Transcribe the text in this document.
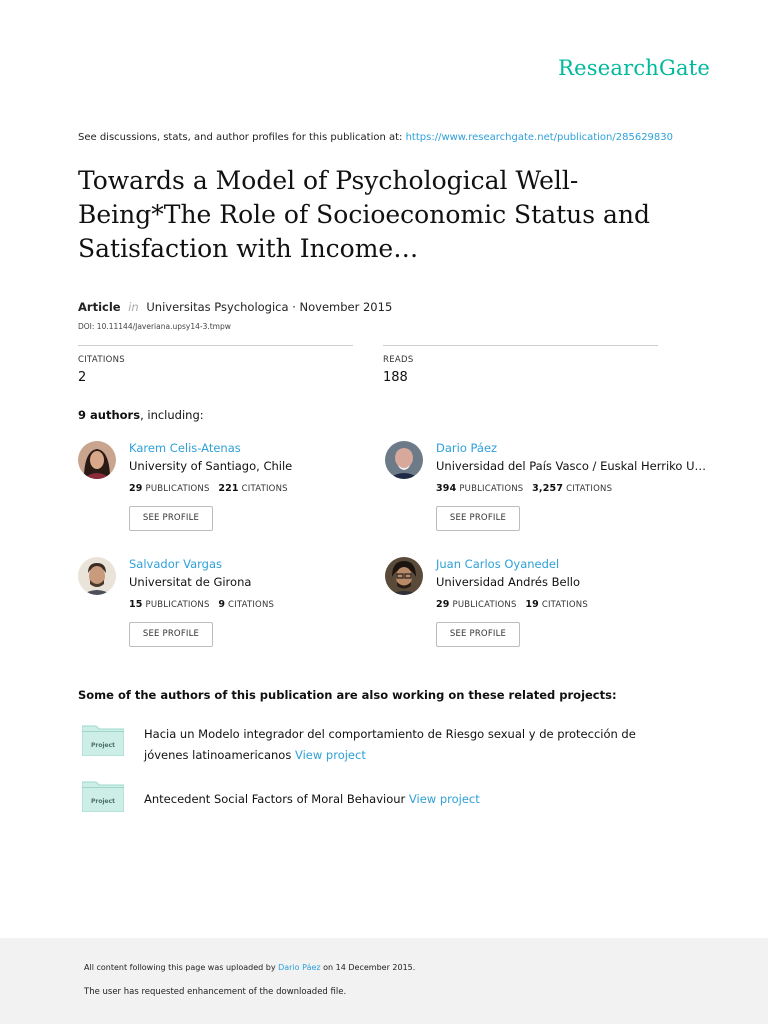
ResearchGate
See discussions, stats, and author profiles for this publication at: https://www.researchgate.net/publication/285629830
Towards a Model of Psychological Well-Being*The Role of Socioeconomic Status and Satisfaction with Income…
Article in Universitas Psychologica · November 2015
DOI: 10.11144/Javeriana.upsy14-3.tmpw
CITATIONS
2
READS
188
9 authors, including:
Karem Celis-Atenas
University of Santiago, Chile
29 PUBLICATIONS 221 CITATIONS
SEE PROFILE
Dario Páez
Universidad del País Vasco / Euskal Herriko U…
394 PUBLICATIONS 3,257 CITATIONS
SEE PROFILE
Salvador Vargas
Universitat de Girona
15 PUBLICATIONS 9 CITATIONS
SEE PROFILE
Juan Carlos Oyanedel
Universidad Andrés Bello
29 PUBLICATIONS 19 CITATIONS
SEE PROFILE
Some of the authors of this publication are also working on these related projects:
Project
Hacia un Modelo integrador del comportamiento de Riesgo sexual y de protección de jóvenes latinoamericanos View project
Project	Antecedent Social Factors of Moral Behaviour View project
All content following this page was uploaded by Dario Páez on 14 December 2015.
The user has requested enhancement of the downloaded file.
